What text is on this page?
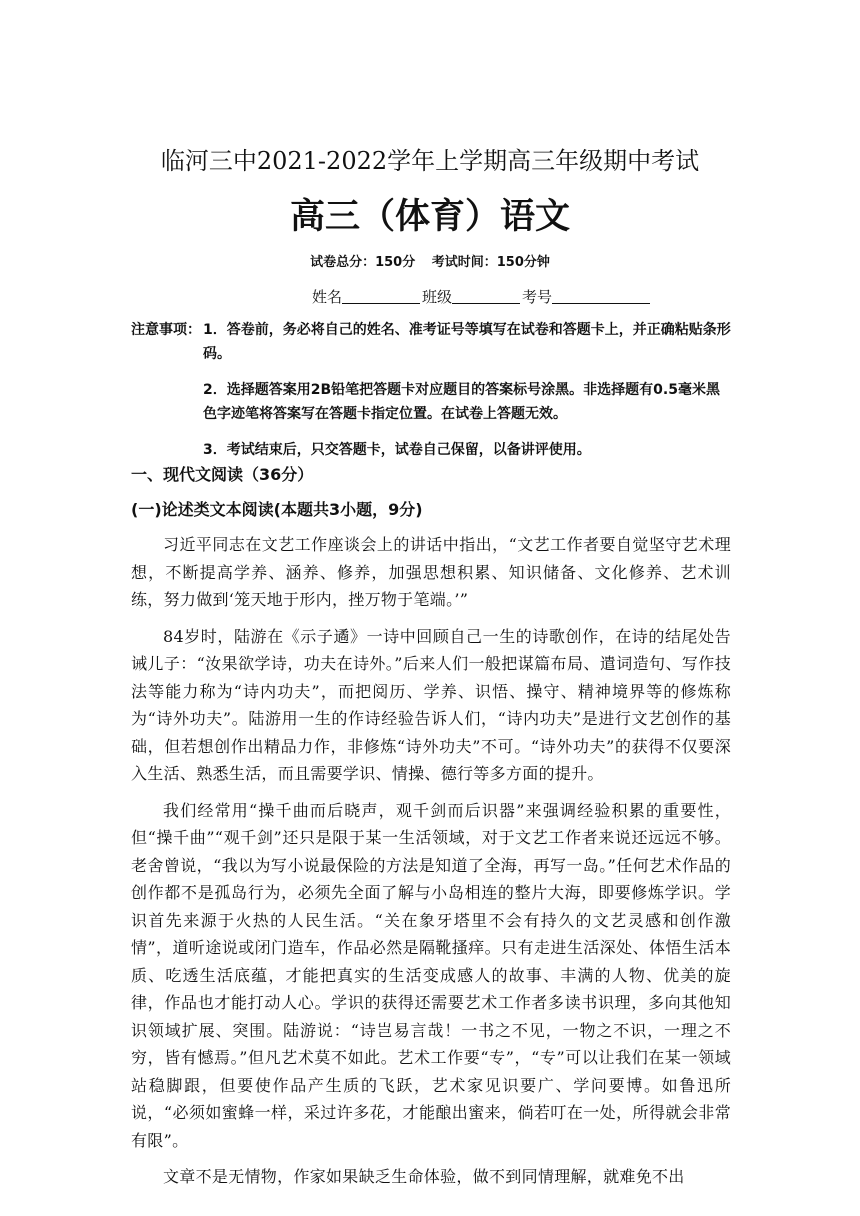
临河三中2021-2022学年上学期高三年级期中考试
高三（体育）语文
试卷总分：150分 考试时间：150分钟
姓名	班级	考号
注意事项： 1．答卷前，务必将自己的姓名、准考证号等填写在试卷和答题卡上，并正确粘贴条形码。

2．选择题答案用2B铅笔把答题卡对应题目的答案标号涂黑。非选择题有0.5毫米黑色字迹笔将答案写在答题卡指定位置。在试卷上答题无效。

3．考试结束后，只交答题卡，试卷自己保留，以备讲评使用。

一、现代文阅读（36分）
(一)论述类文本阅读(本题共3小题，9分)

习近平同志在文艺工作座谈会上的讲话中指出，“文艺工作者要自觉坚守艺术理想，不断提高学养、涵养、修养，加强思想积累、知识储备、文化修养、艺术训练，努力做到‘笼天地于形内，挫万物于笔端。’”

84岁时，陆游在《示子遹》一诗中回顾自己一生的诗歌创作，在诗的结尾处告诫儿子：“汝果欲学诗，功夫在诗外。”后来人们一般把谋篇布局、遣词造句、写作技法等能力称为“诗内功夫”，而把阅历、学养、识悟、操守、精神境界等的修炼称为“诗外功夫”。陆游用一生的作诗经验告诉人们，“诗内功夫”是进行文艺创作的基础，但若想创作出精品力作，非修炼“诗外功夫”不可。“诗外功夫”的获得不仅要深入生活、熟悉生活，而且需要学识、情操、德行等多方面的提升。

我们经常用“操千曲而后晓声，观千剑而后识器”来强调经验积累的重要性，但“操千曲”“观千剑”还只是限于某一生活领域，对于文艺工作者来说还远远不够。老舍曾说，“我以为写小说最保险的方法是知道了全海，再写一岛。”任何艺术作品的创作都不是孤岛行为，必须先全面了解与小岛相连的整片大海，即要修炼学识。学识首先来源于火热的人民生活。“关在象牙塔里不会有持久的文艺灵感和创作激情”，道听途说或闭门造车，作品必然是隔靴搔痒。只有走进生活深处、体悟生活本质、吃透生活底蕴，才能把真实的生活变成感人的故事、丰满的人物、优美的旋律，作品也才能打动人心。学识的获得还需要艺术工作者多读书识理，多向其他知识领域扩展、突围。陆游说：“诗岂易言哉！一书之不见，一物之不识，一理之不穷，皆有憾焉。”但凡艺术莫不如此。艺术工作要“专”，“专”可以让我们在某一领域站稳脚跟，但要使作品产生质的飞跃，艺术家见识要广、学问要博。如鲁迅所说，“必须如蜜蜂一样，采过许多花，才能酿出蜜来，倘若叮在一处，所得就会非常有限”。

文章不是无情物，作家如果缺乏生命体验，做不到同情理解，就难免不出
